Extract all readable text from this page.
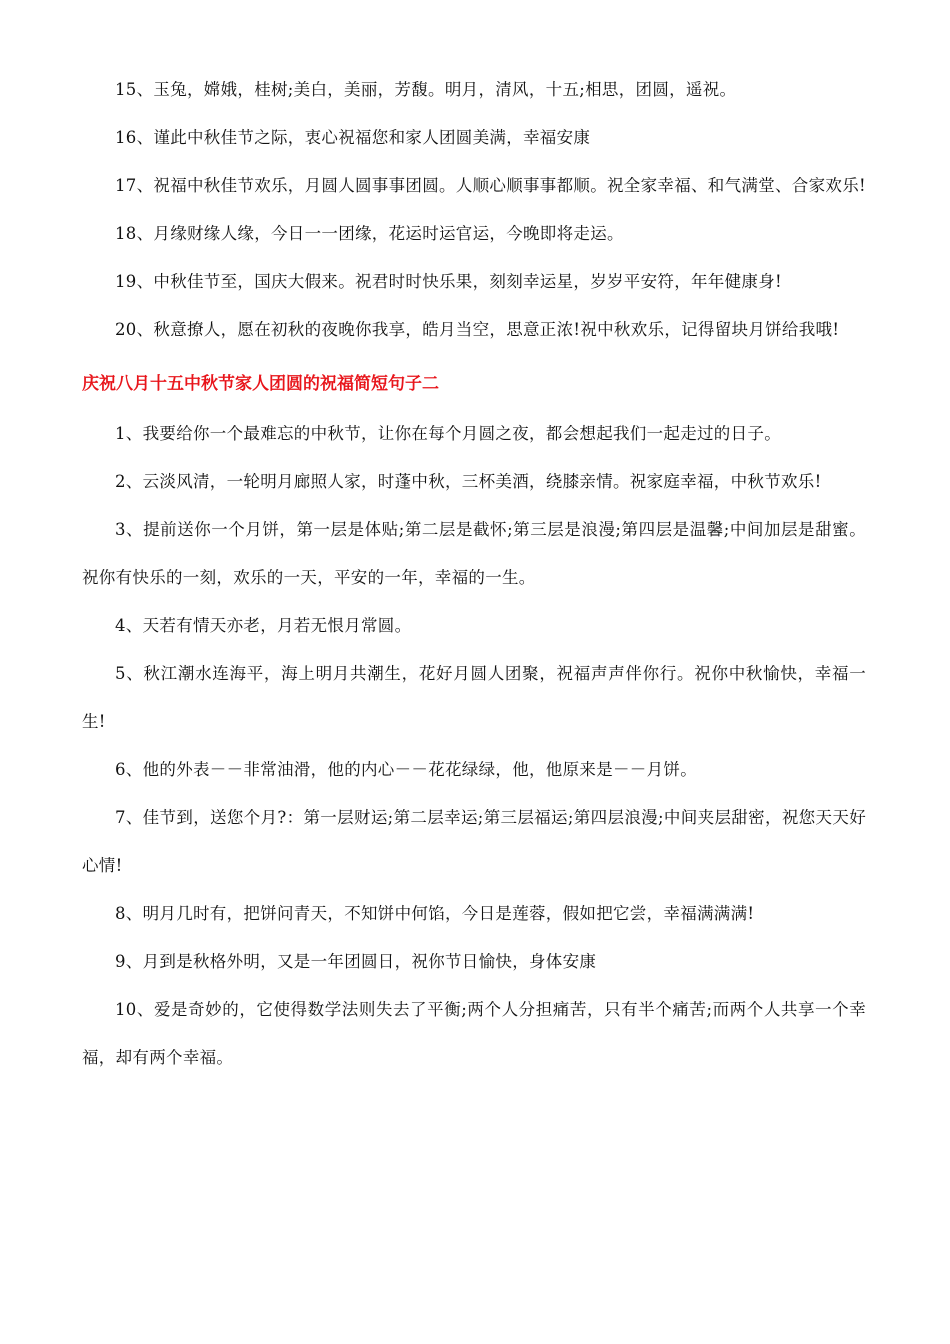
15、玉兔，嫦娥，桂树;美白，美丽，芳馥。明月，清风，十五;相思，团圆，遥祝。

16、谨此中秋佳节之际，衷心祝福您和家人团圆美满，幸福安康

17、祝福中秋佳节欢乐，月圆人圆事事团圆。人顺心顺事事都顺。祝全家幸福、和气满堂、合家欢乐!

18、月缘财缘人缘，今日一一团缘，花运时运官运，今晚即将走运。

19、中秋佳节至，国庆大假来。祝君时时快乐果，刻刻幸运星，岁岁平安符，年年健康身!

20、秋意撩人，愿在初秋的夜晚你我享，皓月当空，思意正浓!祝中秋欢乐，记得留块月饼给我哦!

庆祝八月十五中秋节家人团圆的祝福简短句子二

1、我要给你一个最难忘的中秋节，让你在每个月圆之夜，都会想起我们一起走过的日子。

2、云淡风清，一轮明月廊照人家，时蓬中秋，三杯美酒，绕膝亲情。祝家庭幸福，中秋节欢乐!

3、提前送你一个月饼，第一层是体贴;第二层是截怀;第三层是浪漫;第四层是温馨;中间加层是甜蜜。祝你有快乐的一刻，欢乐的一天，平安的一年，幸福的一生。

4、天若有情天亦老，月若无恨月常圆。

5、秋江潮水连海平，海上明月共潮生，花好月圆人团聚，祝福声声伴你行。祝你中秋愉快，幸福一生!

6、他的外表－－非常油滑，他的内心－－花花绿绿，他，他原来是－－月饼。

7、佳节到，送您个月?：第一层财运;第二层幸运;第三层福运;第四层浪漫;中间夹层甜密，祝您天天好心情!

8、明月几时有，把饼问青天，不知饼中何馅，今日是莲蓉，假如把它尝，幸福满满满!

9、月到是秋格外明，又是一年团圆日，祝你节日愉快，身体安康

10、爱是奇妙的，它使得数学法则失去了平衡;两个人分担痛苦，只有半个痛苦;而两个人共享一个幸福，却有两个幸福。
